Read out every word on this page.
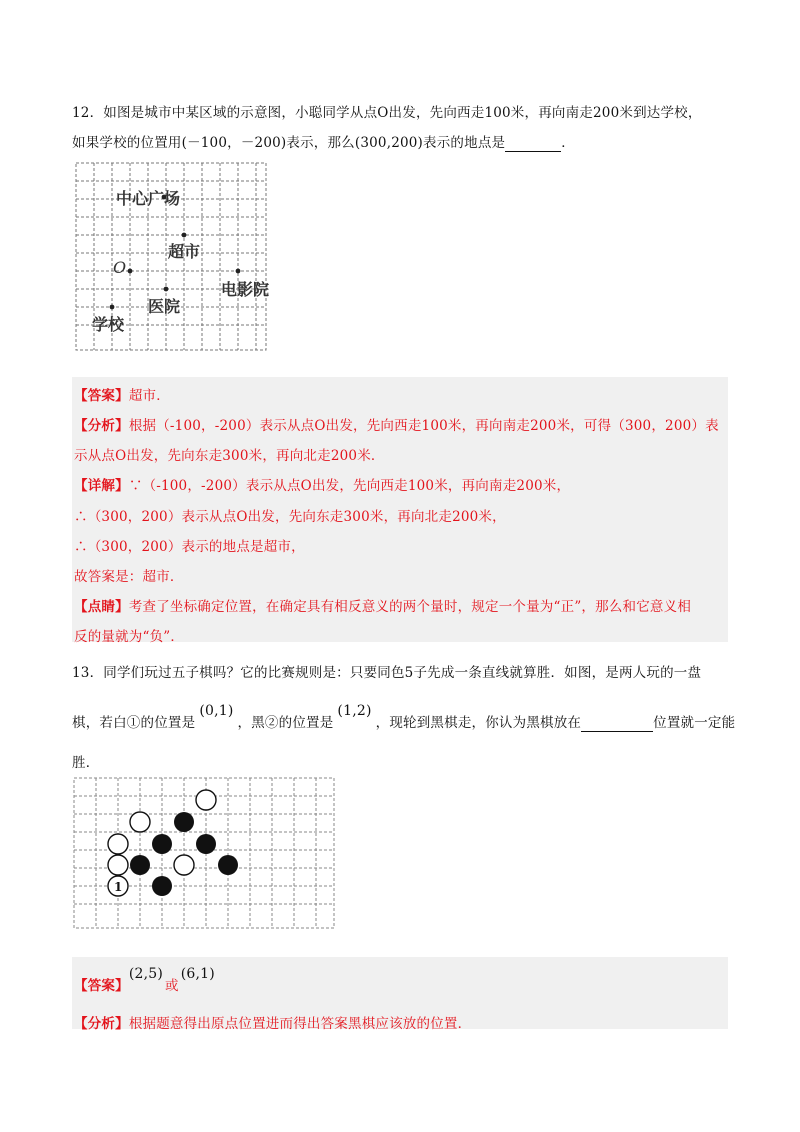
12．如图是城市中某区域的示意图，小聪同学从点O出发，先向西走100米，再向南走200米到达学校，
如果学校的位置用(－100，－200)表示，那么(300,200)表示的地点是	．
中心广场
超市
O
电影院
医院
学校
【答案】超市．
【分析】根据（-100，-200）表示从点O出发，先向西走100米，再向南走200米，可得（300，200）表
示从点O出发，先向东走300米，再向北走200米．
【详解】∵（-100，-200）表示从点O出发，先向西走100米，再向南走200米，
∴（300，200）表示从点O出发，先向东走300米，再向北走200米，
∴（300，200）表示的地点是超市，
故答案是：超市．
【点睛】考查了坐标确定位置，在确定具有相反意义的两个量时，规定一个量为“正”，那么和它意义相
反的量就为“负”．
13．同学们玩过五子棋吗？它的比赛规则是：只要同色5子先成一条直线就算胜．如图，是两人玩的一盘
棋，若白①的位置是(0,1)，黑②的位置是(1,2)，现轮到黑棋走，你认为黑棋放在	位置就一定能
胜．
1
【答案】(2,5)或(6,1)
【分析】根据题意得出原点位置进而得出答案黑棋应该放的位置．
